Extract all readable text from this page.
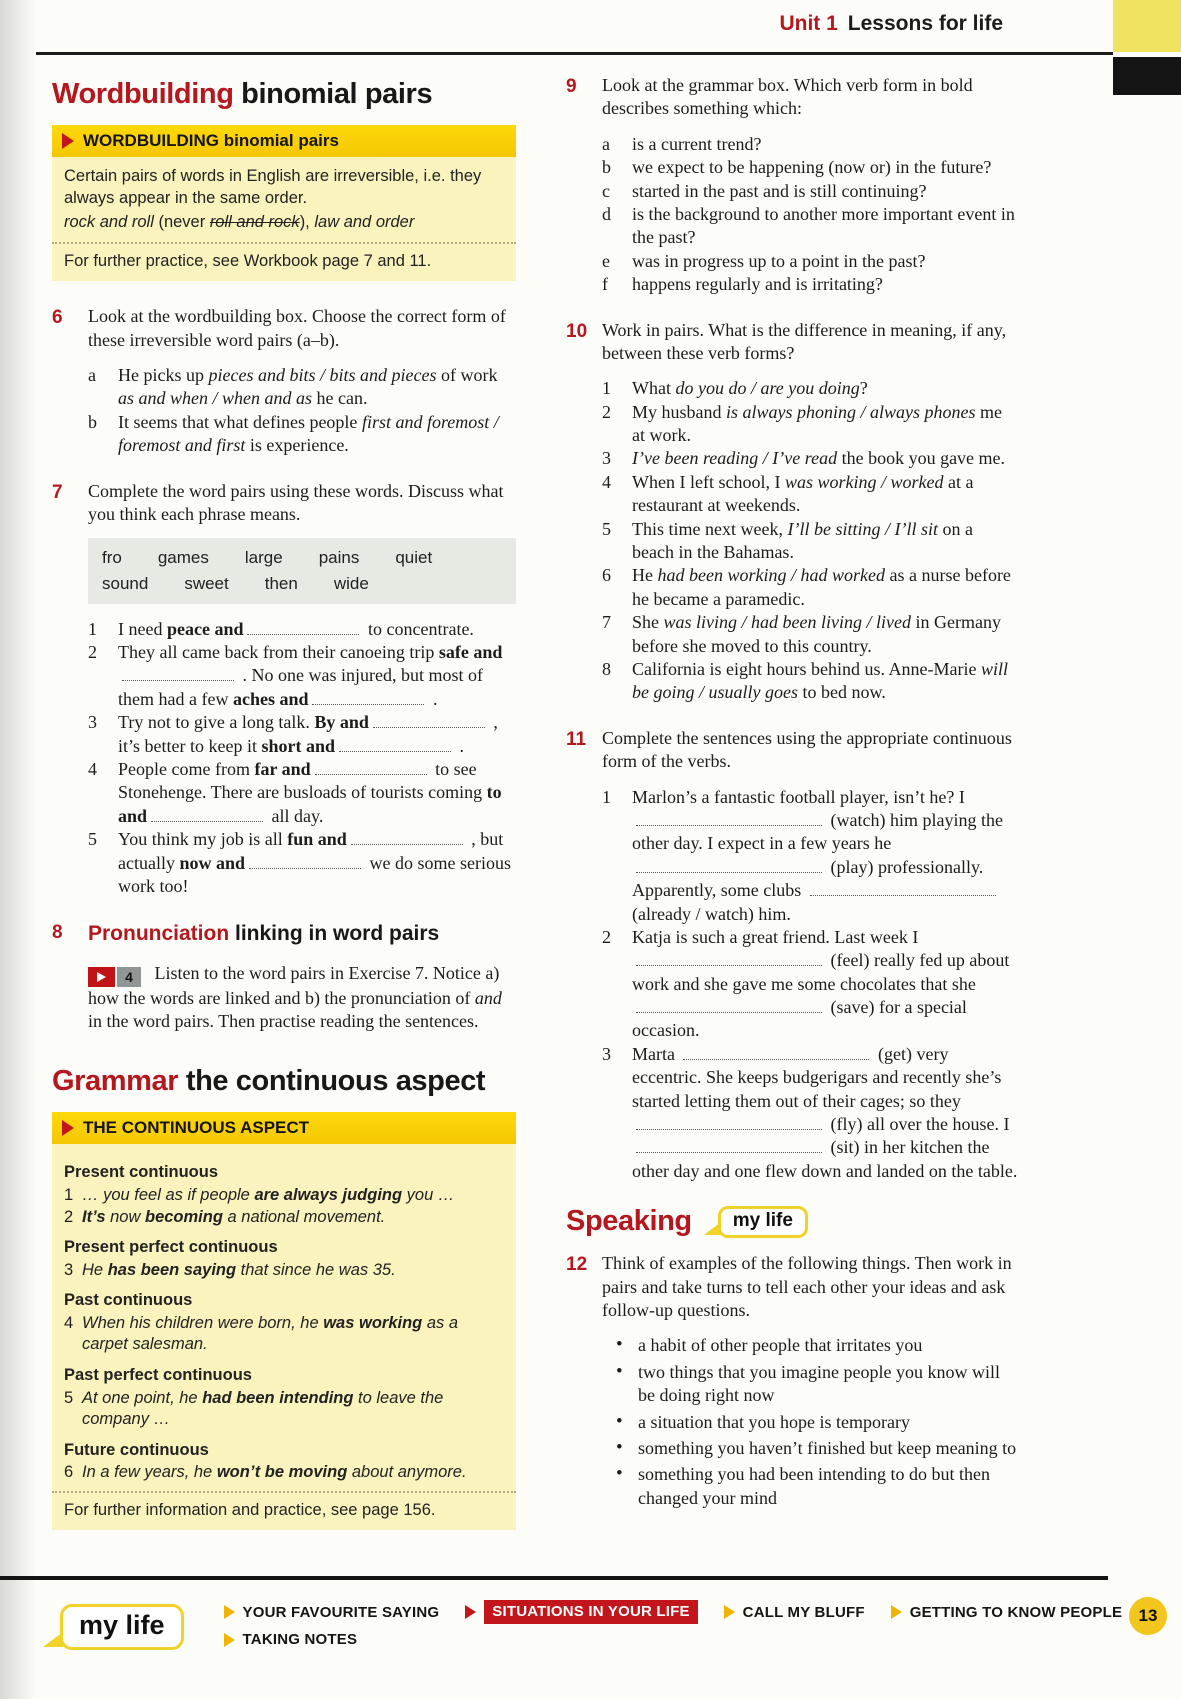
Unit 1 Lessons for life
Wordbuilding binomial pairs
WORDBUILDING binomial pairs

Certain pairs of words in English are irreversible, i.e. they always appear in the same order.

rock and roll (never roll and rock), law and order

For further practice, see Workbook page 7 and 11.
6	Look at the wordbuilding box. Choose the correct form of these irreversible word pairs (a–b).

a	He picks up pieces and bits / bits and pieces of work as and when / when and as he can.
b	It seems that what defines people first and foremost / foremost and first is experience.
7	Complete the word pairs using these words. Discuss what you think each phrase means.

fro games large pains quiet
sound sweet then wide
1	I need peace and	to concentrate.
2	They all came back from their canoeing trip safe and . No one was injured, but most of them had a few aches and	.
3	Try not to give a long talk. By and	, it’s better to keep it short and	.
4	People come from far and	to see Stonehenge. There are busloads of tourists coming to and	all day.
5	You think my job is all fun and	, but actually now and	we do some serious work too!
8	Pronunciation linking in word pairs

4	Listen to the word pairs in Exercise 7. Notice a) how the words are linked and b) the pronunciation of and in the word pairs. Then practise reading the sentences.

Grammar the continuous aspect
THE CONTINUOUS ASPECT
Present continuous
1 … you feel as if people are always judging you …
2 It’s now becoming a national movement.
Present perfect continuous
3 He has been saying that since he was 35.
Past continuous
4 When his children were born, he was working as a carpet salesman.
Past perfect continuous
5 At one point, he had been intending to leave the company …
Future continuous
6 In a few years, he won’t be moving about anymore.
For further information and practice, see page 156.
9	Look at the grammar box. Which verb form in bold describes something which:

a	is a current trend?
b	we expect to be happening (now or) in the future?
c	started in the past and is still continuing?
d	is the background to another more important event in the past?
e	was in progress up to a point in the past?
f	happens regularly and is irritating?
10 Work in pairs. What is the difference in meaning, if any, between these verb forms?

1	What do you do / are you doing?
2	My husband is always phoning / always phones me at work.
3	I’ve been reading / I’ve read the book you gave me.
4	When I left school, I was working / worked at a restaurant at weekends.
5	This time next week, I’ll be sitting / I’ll sit on a beach in the Bahamas.
6	He had been working / had worked as a nurse before he became a paramedic.
7	She was living / had been living / lived in Germany before she moved to this country.
8	California is eight hours behind us. Anne-Marie will be going / usually goes to bed now.
11 Complete the sentences using the appropriate continuous form of the verbs.

1	Marlon’s a fantastic football player, isn’t he? I  (watch) him playing the other day. I expect in a few years he  (play) professionally. Apparently, some clubs  (already / watch) him.
2	Katja is such a great friend. Last week I  (feel) really fed up about work and she gave me some chocolates that she  (save) for a special occasion.
3	Marta	(get) very eccentric. She keeps budgerigars and recently she’s started letting them out of their cages; so they  (fly) all over the house. I  (sit) in her kitchen the other day and one flew down and landed on the table.
Speaking	my life
12 Think of examples of the following things. Then work in pairs and take turns to tell each other your ideas and ask follow-up questions.

• a habit of other people that irritates you
• two things that you imagine people you know will be doing right now
• a situation that you hope is temporary
• something you haven’t finished but keep meaning to
• something you had been intending to do but then changed your mind
my life	YOUR FAVOURITE SAYING	SITUATIONS IN YOUR LIFE	CALL MY BLUFF	GETTING TO KNOW PEOPLE
TAKING NOTES
13
